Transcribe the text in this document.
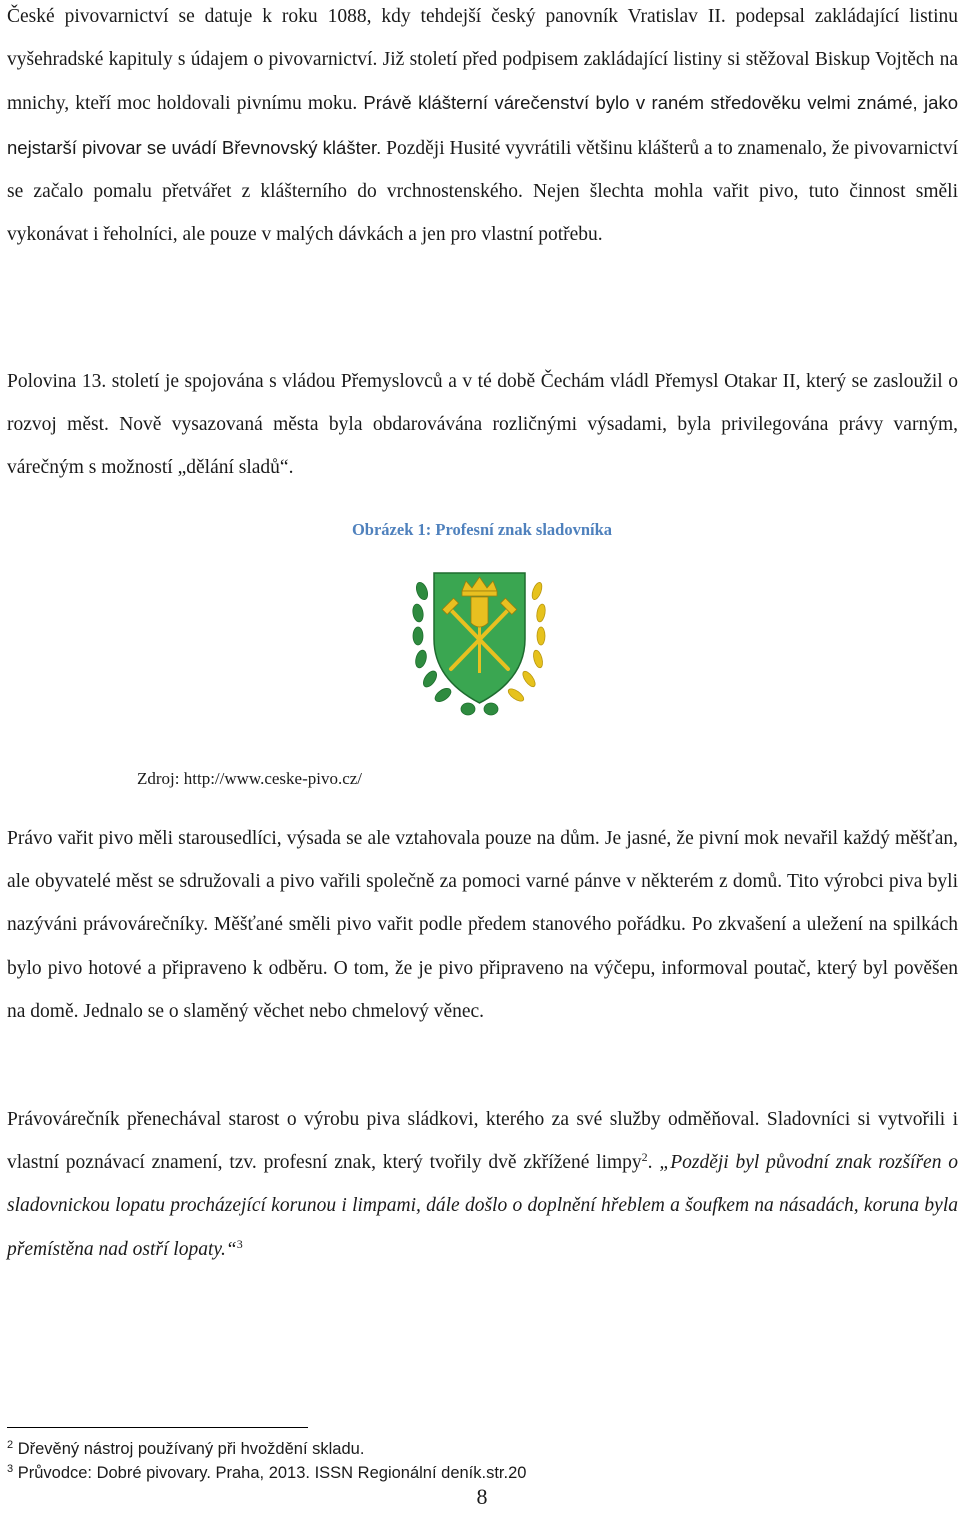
České pivovarnictví se datuje k roku 1088, kdy tehdejší český panovník Vratislav II. podepsal zakládající listinu vyšehradské kapituly s údajem o pivovarnictví. Již století před podpisem zakládající listiny si stěžoval Biskup Vojtěch na mnichy, kteří moc holdovali pivnímu moku. Právě klášterní várečenství bylo v raném středověku velmi známé, jako nejstarší pivovar se uvádí Břevnovský klášter. Později Husité vyvrátili většinu klášterů a to znamenalo, že pivovarnictví se začalo pomalu přetvářet z klášterního do vrchnostenského. Nejen šlechta mohla vařit pivo, tuto činnost směli vykonávat i řeholníci, ale pouze v malých dávkách a jen pro vlastní potřebu.

Polovina 13. století je spojována s vládou Přemyslovců a v té době Čechám vládl Přemysl Otakar II, který se zasloužil o rozvoj měst. Nově vysazovaná města byla obdarovávána rozličnými výsadami, byla privilegována právy varným, várečným s možností „dělání sladů“.

Obrázek 1: Profesní znak sladovníka
Zdroj: http://www.ceske-pivo.cz/

Právo vařit pivo měli starousedlíci, výsada se ale vztahovala pouze na dům. Je jasné, že pivní mok nevařil každý měšťan, ale obyvatelé měst se sdružovali a pivo vařili společně za pomoci varné pánve v některém z domů. Tito výrobci piva byli nazýváni právovárečníky. Měšťané směli pivo vařit podle předem stanového pořádku. Po zkvašení a uležení na spilkách bylo pivo hotové a připraveno k odběru. O tom, že je pivo připraveno na výčepu, informoval poutač, který byl pověšen na domě. Jednalo se o slaměný věchet nebo chmelový věnec.

Právovárečník přenechával starost o výrobu piva sládkovi, kterého za své služby odměňoval. Sladovníci si vytvořili i vlastní poznávací znamení, tzv. profesní znak, který tvořily dvě zkřížené limpy$^2$. „Později byl původní znak rozšířen o sladovnickou lopatu procházející korunou i limpami, dále došlo o doplnění hřeblem a šoufkem na násadách, koruna byla přemístěna nad ostří lopaty.“$^3$

$^2$ Dřevěný nástroj používaný při hvoždění skladu.
$^3$ Průvodce: Dobré pivovary. Praha, 2013. ISSN Regionální deník.str.20
8
